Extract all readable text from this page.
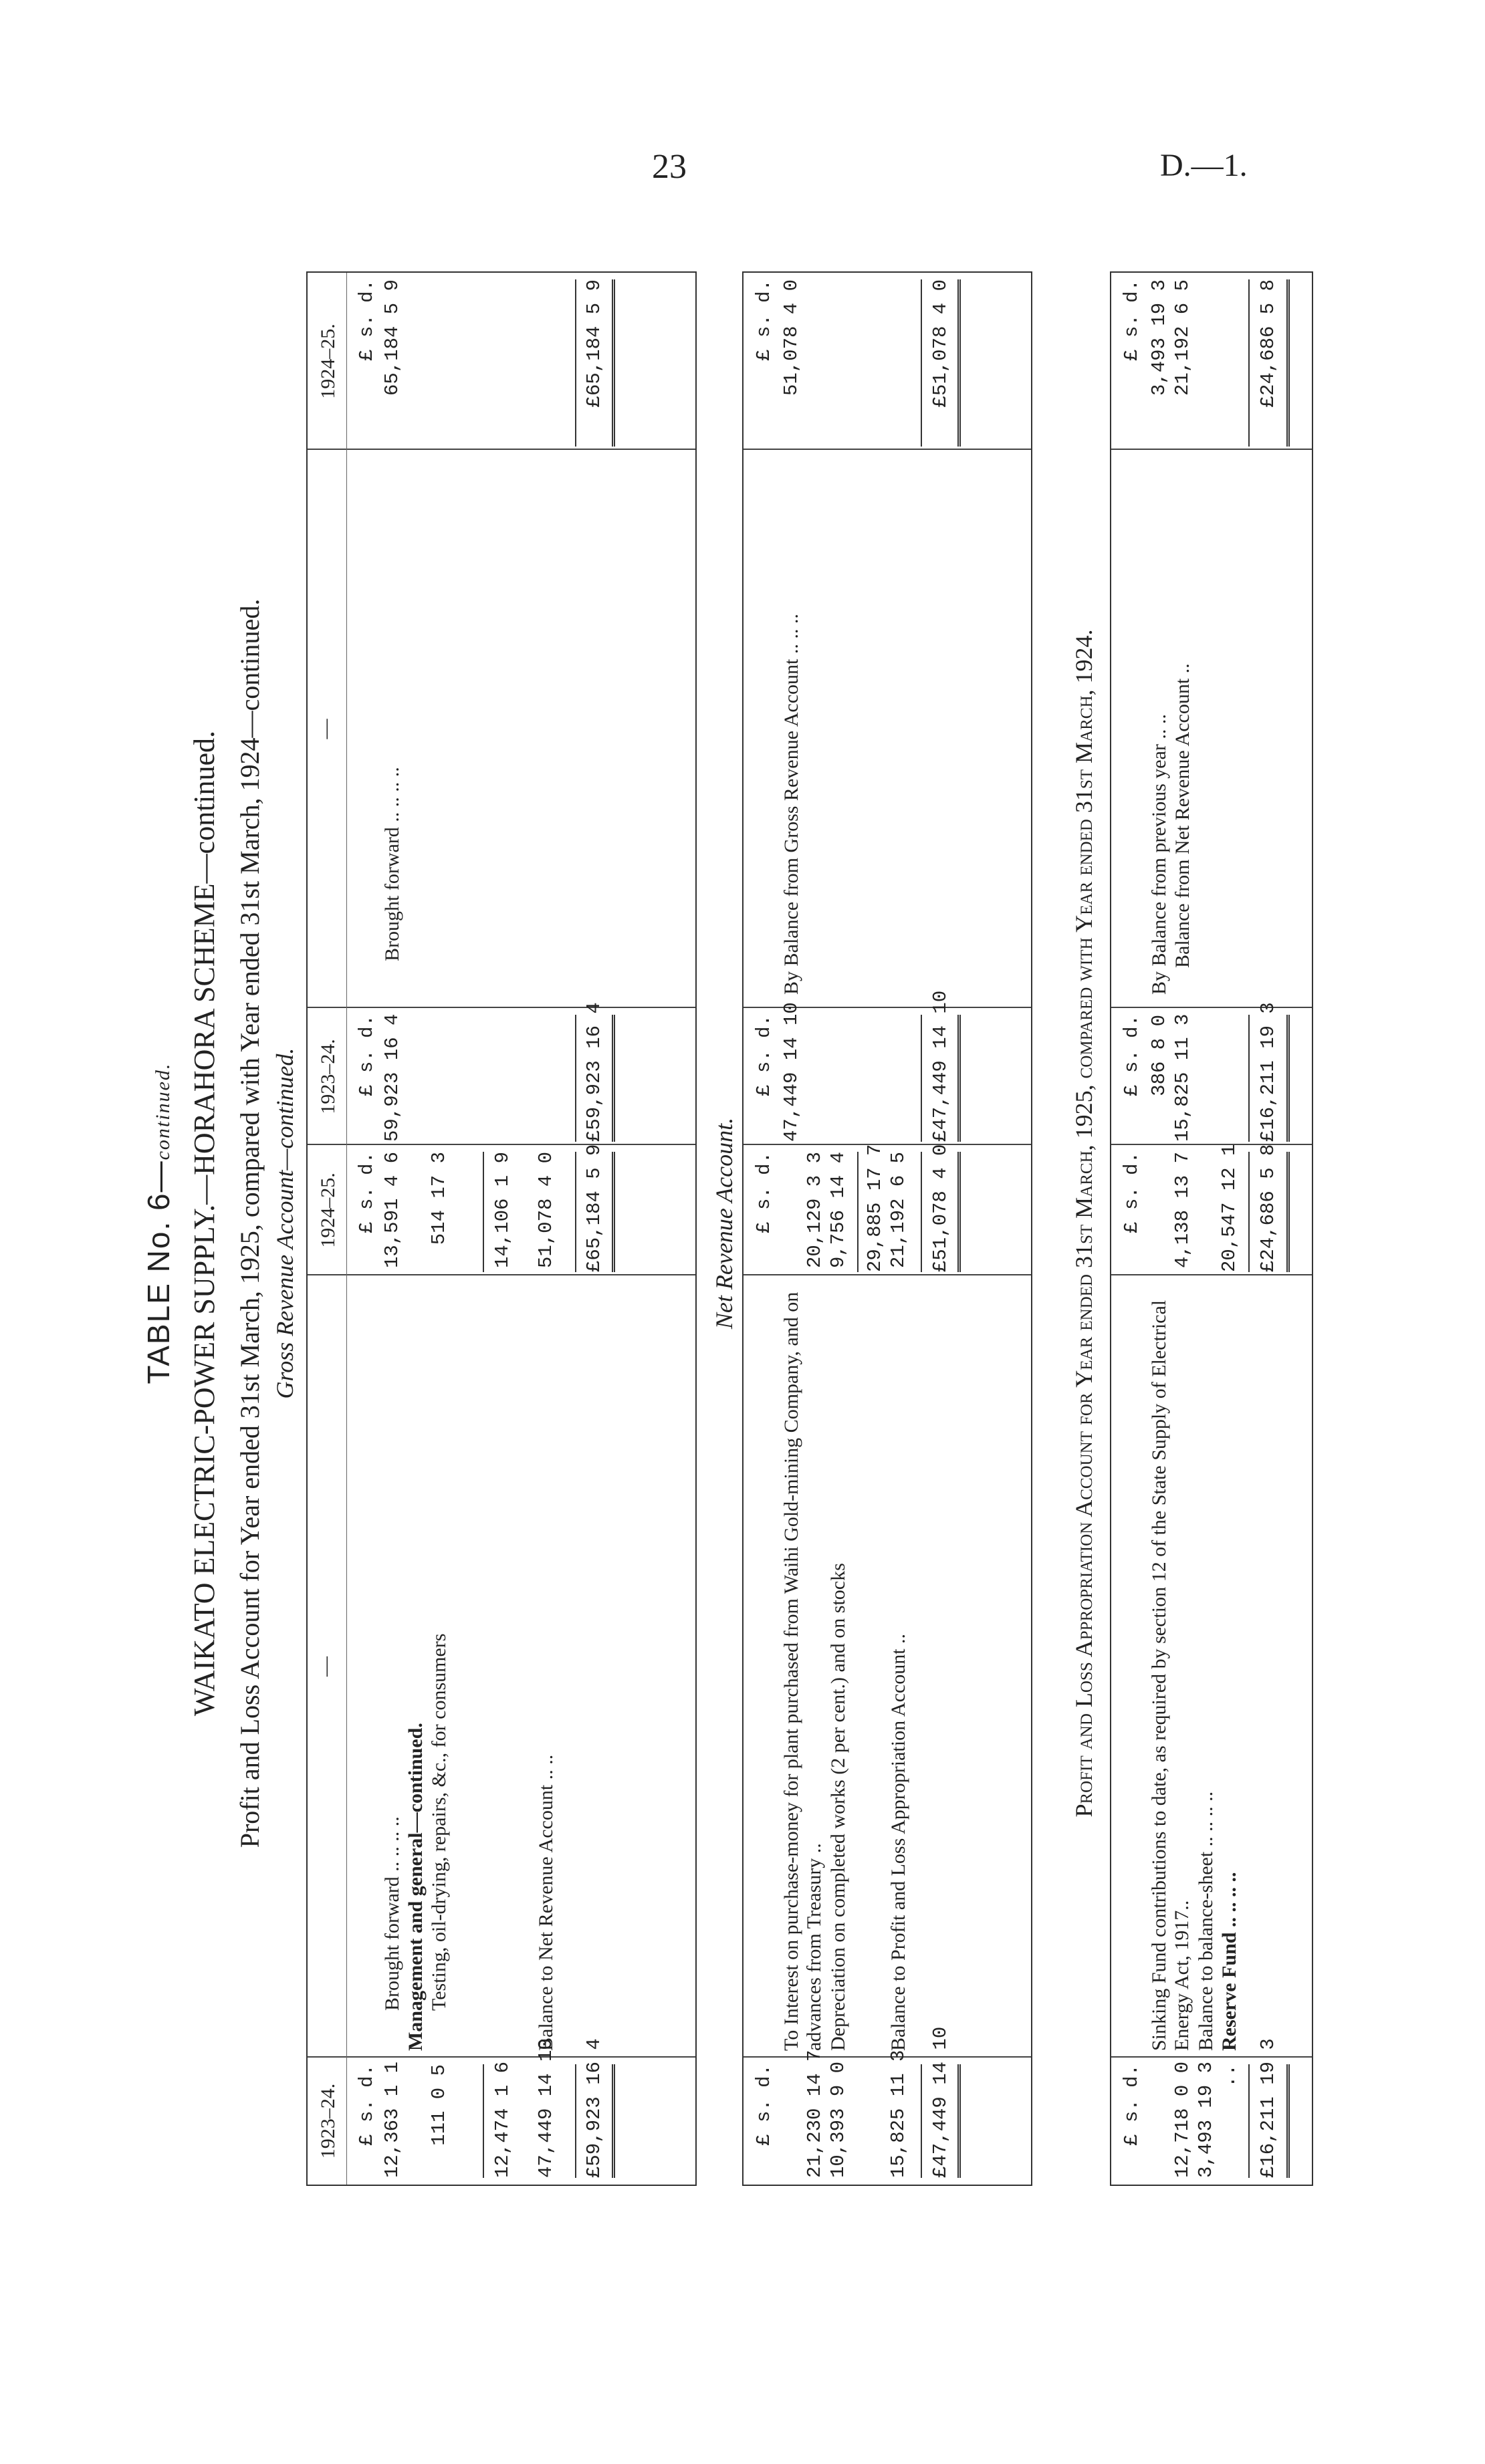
23	D.—1.
TABLE No. 6—continued. WAIKATO ELECTRIC-POWER SUPPLY.—HORAHORA SCHEME—continued. Profit and Loss Account for Year ended 31st March, 1925, compared with Year ended 31st March, 1924—continued. Gross Revenue Account—continued.
1923–24.
—
1924–25.
1923–24.
—
1924–25.
£ s. d.
£ s. d.
£ s. d.
£ s. d.
12,363 1 1
Brought forward .. .. .. ..
13,591 4 6
59,923 16 4
Brought forward .. .. .. ..
65,184 5 9
Management and general—continued.
111 0 5
Testing, oil-drying, repairs, &c., for consumers
514 17 3
12,474 1 6
14,106 1 9
47,449 14 10
Balance to Net Revenue Account .. ..
51,078 4 0
£59,923 16 4
£65,184 5 9
£59,923 16 4
£65,184 5 9
Net Revenue Account.
£ s. d.
£ s. d.
£ s. d.
£ s. d.
21,230 14 7
To Interest on purchase-money for plant purchased from Waihi Gold-mining Company, and on advances from Treasury ..
20,129 3 3
10,393 9 0
Depreciation on completed works (2 per cent.) and on stocks
9,756 14 4 29,885 17 7
15,825 11 3
Balance to Profit and Loss Appropriation Account ..
21,192 6 5
47,449 14 10
By Balance from Gross Revenue Account .. .. ..
51,078 4 0
£47,449 14 10
£51,078 4 0
£47,449 14 10
£51,078 4 0
Profit and Loss Appropriation Account for Year ended 31st March, 1925, compared with Year ended 31st March, 1924.
£ s. d.
£ s. d.
£ s. d.
£ s. d.
12,718 0 0
Sinking Fund contributions to date, as required by section 12 of the State Supply of Electrical Energy Act, 1917..
4,138 13 7
3,493 19 3
Balance to balance-sheet .. .. .. ..
20,547 12 1
..
Reserve Fund .. .. .. ..
386 8 0
By Balance from previous year .. ..
3,493 19 3
15,825 11 3
Balance from Net Revenue Account ..
21,192 6 5
£16,211 19 3
£24,686 5 8
£16,211 19 3
£24,686 5 8
